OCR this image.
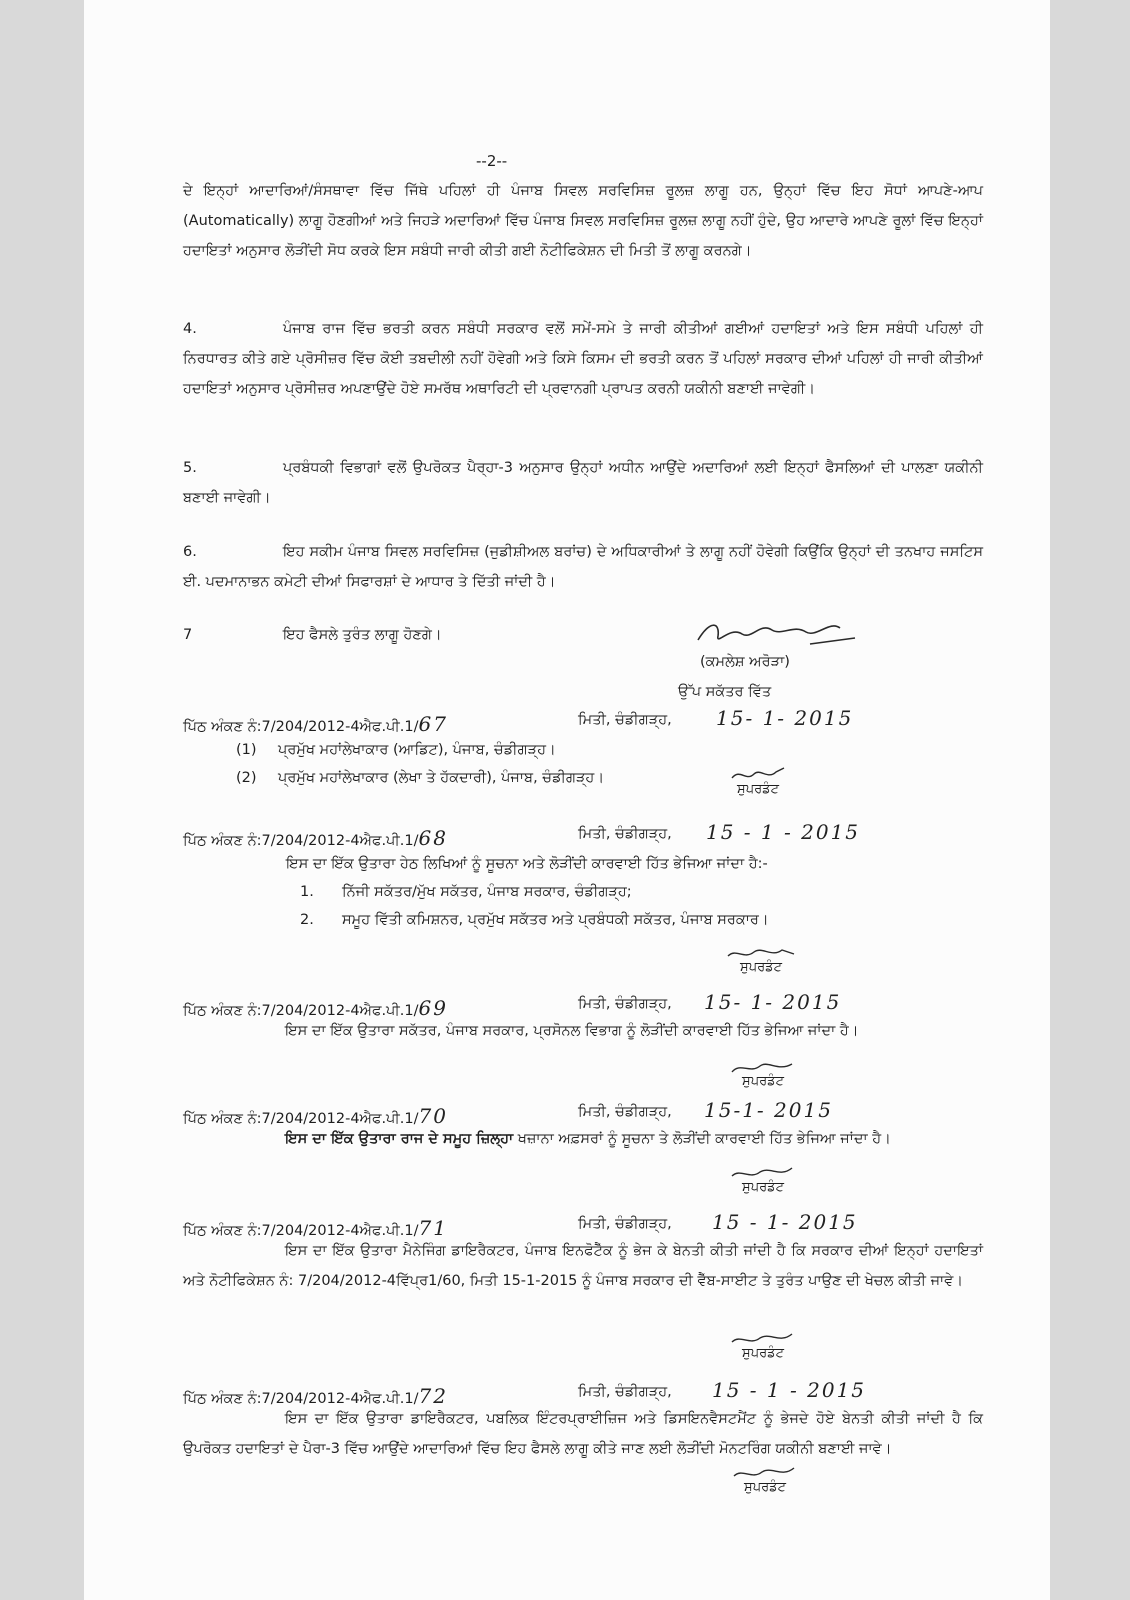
--2--

ਦੇ ਇਨ੍ਹਾਂ ਆਦਾਰਿਆਂ/ਸੰਸਥਾਵਾ ਵਿੱਚ ਜਿੱਥੇ ਪਹਿਲਾਂ ਹੀ ਪੰਜਾਬ ਸਿਵਲ ਸਰਵਿਸਿਜ਼ ਰੂਲਜ਼ ਲਾਗੂ ਹਨ, ਉਨ੍ਹਾਂ ਵਿੱਚ ਇਹ ਸੋਧਾਂ ਆਪਣੇ-ਆਪ (Automatically) ਲਾਗੂ ਹੋਣਗੀਆਂ ਅਤੇ ਜਿਹੜੇ ਅਦਾਰਿਆਂ ਵਿੱਚ ਪੰਜਾਬ ਸਿਵਲ ਸਰਵਿਸਿਜ਼ ਰੂਲਜ਼ ਲਾਗੂ ਨਹੀਂ ਹੁੰਦੇ, ਉਹ ਆਦਾਰੇ ਆਪਣੇ ਰੂਲਾਂ ਵਿੱਚ ਇਨ੍ਹਾਂ ਹਦਾਇਤਾਂ ਅਨੁਸਾਰ ਲੋੜੀਂਦੀ ਸੋਧ ਕਰਕੇ ਇਸ ਸਬੰਧੀ ਜਾਰੀ ਕੀਤੀ ਗਈ ਨੋਟੀਫਿਕੇਸ਼ਨ ਦੀ ਮਿਤੀ ਤੋਂ ਲਾਗੂ ਕਰਨਗੇ।

4.	ਪੰਜਾਬ ਰਾਜ ਵਿੱਚ ਭਰਤੀ ਕਰਨ ਸਬੰਧੀ ਸਰਕਾਰ ਵਲੋਂ ਸਮੇਂ-ਸਮੇ ਤੇ ਜਾਰੀ ਕੀਤੀਆਂ ਗਈਆਂ ਹਦਾਇਤਾਂ ਅਤੇ ਇਸ ਸਬੰਧੀ ਪਹਿਲਾਂ ਹੀ ਨਿਰਧਾਰਤ ਕੀਤੇ ਗਏ ਪ੍ਰੋਸੀਜ਼ਰ ਵਿੱਚ ਕੋਈ ਤਬਦੀਲੀ ਨਹੀਂ ਹੋਵੇਗੀ ਅਤੇ ਕਿਸੇ ਕਿਸਮ ਦੀ ਭਰਤੀ ਕਰਨ ਤੋਂ ਪਹਿਲਾਂ ਸਰਕਾਰ ਦੀਆਂ ਪਹਿਲਾਂ ਹੀ ਜਾਰੀ ਕੀਤੀਆਂ ਹਦਾਇਤਾਂ ਅਨੁਸਾਰ ਪ੍ਰੋਸੀਜ਼ਰ ਅਪਣਾਉਂਦੇ ਹੋਏ ਸਮਰੱਥ ਅਥਾਰਿਟੀ ਦੀ ਪ੍ਰਵਾਨਗੀ ਪ੍ਰਾਪਤ ਕਰਨੀ ਯਕੀਨੀ ਬਣਾਈ ਜਾਵੇਗੀ।

5.	ਪ੍ਰਬੰਧਕੀ ਵਿਭਾਗਾਂ ਵਲੋਂ ਉਪਰੋਕਤ ਪੈਰ੍ਹਾ-3 ਅਨੁਸਾਰ ਉਨ੍ਹਾਂ ਅਧੀਨ ਆਉਂਦੇ ਅਦਾਰਿਆਂ ਲਈ ਇਨ੍ਹਾਂ ਫੈਸਲਿਆਂ ਦੀ ਪਾਲਣਾ ਯਕੀਨੀ ਬਣਾਈ ਜਾਵੇਗੀ।

6.	ਇਹ ਸਕੀਮ ਪੰਜਾਬ ਸਿਵਲ ਸਰਵਿਸਿਜ਼ (ਜੁਡੀਸ਼ੀਅਲ ਬਰਾਂਚ) ਦੇ ਅਧਿਕਾਰੀਆਂ ਤੇ ਲਾਗੂ ਨਹੀਂ ਹੋਵੇਗੀ ਕਿਉਂਕਿ ਉਨ੍ਹਾਂ ਦੀ ਤਨਖਾਹ ਜਸਟਿਸ ਈ. ਪਦਮਾਨਾਭਨ ਕਮੇਟੀ ਦੀਆਂ ਸਿਫਾਰਸ਼ਾਂ ਦੇ ਆਧਾਰ ਤੇ ਦਿੱਤੀ ਜਾਂਦੀ ਹੈ।

7	ਇਹ ਫੈਸਲੇ ਤੁਰੰਤ ਲਾਗੂ ਹੋਣਗੇ।

(ਕਮਲੇਸ਼ ਅਰੋੜਾ)
ਉੱਪ ਸਕੱਤਰ ਵਿੱਤ
ਪਿੱਠ ਅੰਕਣ ਨੰ:7/204/2012-4ਐਫ.ਪੀ.1/67	ਮਿਤੀ, ਚੰਡੀਗੜ੍ਹ, 15- 1- 2015
(1) ਪ੍ਰਮੁੱਖ ਮਹਾਂਲੇਖਾਕਾਰ (ਆਡਿਟ), ਪੰਜਾਬ, ਚੰਡੀਗੜ੍ਹ।
(2) ਪ੍ਰਮੁੱਖ ਮਹਾਂਲੇਖਾਕਾਰ (ਲੇਖਾ ਤੇ ਹੱਕਦਾਰੀ), ਪੰਜਾਬ, ਚੰਡੀਗੜ੍ਹ।
ਸੁਪਰਡੰਟ
ਪਿੱਠ ਅੰਕਣ ਨੰ:7/204/2012-4ਐਫ.ਪੀ.1/68	ਮਿਤੀ, ਚੰਡੀਗੜ੍ਹ, 15 - 1 - 2015
ਇਸ ਦਾ ਇੱਕ ਉਤਾਰਾ ਹੇਠ ਲਿਖਿਆਂ ਨੂੰ ਸੂਚਨਾ ਅਤੇ ਲੋੜੀਂਦੀ ਕਾਰਵਾਈ ਹਿੱਤ ਭੇਜਿਆ ਜਾਂਦਾ ਹੈ:-
1. ਨਿੱਜੀ ਸਕੱਤਰ/ਮੁੱਖ ਸਕੱਤਰ, ਪੰਜਾਬ ਸਰਕਾਰ, ਚੰਡੀਗੜ੍ਹ;
2. ਸਮੂਹ ਵਿੱਤੀ ਕਮਿਸ਼ਨਰ, ਪ੍ਰਮੁੱਖ ਸਕੱਤਰ ਅਤੇ ਪ੍ਰਬੰਧਕੀ ਸਕੱਤਰ, ਪੰਜਾਬ ਸਰਕਾਰ।
ਸੁਪਰਡੰਟ
ਪਿੱਠ ਅੰਕਣ ਨੰ:7/204/2012-4ਐਫ.ਪੀ.1/69	ਮਿਤੀ, ਚੰਡੀਗੜ੍ਹ, 15- 1- 2015

ਇਸ ਦਾ ਇੱਕ ਉਤਾਰਾ ਸਕੱਤਰ, ਪੰਜਾਬ ਸਰਕਾਰ, ਪ੍ਰਸੋਨਲ ਵਿਭਾਗ ਨੂੰ ਲੋੜੀਂਦੀ ਕਾਰਵਾਈ ਹਿੱਤ ਭੇਜਿਆ ਜਾਂਦਾ ਹੈ।

ਸੁਪਰਡੰਟ
ਪਿੱਠ ਅੰਕਣ ਨੰ:7/204/2012-4ਐਫ.ਪੀ.1/70	ਮਿਤੀ, ਚੰਡੀਗੜ੍ਹ, 15-1- 2015

ਇਸ ਦਾ ਇੱਕ ਉਤਾਰਾ ਰਾਜ ਦੇ ਸਮੂਹ ਜ਼ਿਲ੍ਹਾ ਖਜ਼ਾਨਾ ਅਫ਼ਸਰਾਂ ਨੂੰ ਸੂਚਨਾ ਤੇ ਲੋੜੀਂਦੀ ਕਾਰਵਾਈ ਹਿੱਤ ਭੇਜਿਆ ਜਾਂਦਾ ਹੈ।

ਸੁਪਰਡੰਟ
ਪਿੱਠ ਅੰਕਣ ਨੰ:7/204/2012-4ਐਫ.ਪੀ.1/71	ਮਿਤੀ, ਚੰਡੀਗੜ੍ਹ, 15 - 1- 2015

ਇਸ ਦਾ ਇੱਕ ਉਤਾਰਾ ਮੈਨੇਜਿੰਗ ਡਾਇਰੈਕਟਰ, ਪੰਜਾਬ ਇਨਫੋਟੈੱਕ ਨੂੰ ਭੇਜ ਕੇ ਬੇਨਤੀ ਕੀਤੀ ਜਾਂਦੀ ਹੈ ਕਿ ਸਰਕਾਰ ਦੀਆਂ ਇਨ੍ਹਾਂ ਹਦਾਇਤਾਂ ਅਤੇ ਨੋਟੀਫਿਕੇਸ਼ਨ ਨੰ: 7/204/2012-4ਵਿੱਪ੍ਰ1/60, ਮਿਤੀ 15-1-2015 ਨੂੰ ਪੰਜਾਬ ਸਰਕਾਰ ਦੀ ਵੈੱਬ-ਸਾਈਟ ਤੇ ਤੁਰੰਤ ਪਾਉਣ ਦੀ ਖੇਚਲ ਕੀਤੀ ਜਾਵੇ।

ਸੁਪਰਡੰਟ
ਪਿੱਠ ਅੰਕਣ ਨੰ:7/204/2012-4ਐਫ.ਪੀ.1/72	ਮਿਤੀ, ਚੰਡੀਗੜ੍ਹ, 15 - 1 - 2015

ਇਸ ਦਾ ਇੱਕ ਉਤਾਰਾ ਡਾਇਰੈਕਟਰ, ਪਬਲਿਕ ਇੰਟਰਪ੍ਰਾਈਜ਼ਿਜ ਅਤੇ ਡਿਸਇਨਵੈਸਟਮੈਂਟ ਨੂੰ ਭੇਜਦੇ ਹੋਏ ਬੇਨਤੀ ਕੀਤੀ ਜਾਂਦੀ ਹੈ ਕਿ ਉਪਰੋਕਤ ਹਦਾਇਤਾਂ ਦੇ ਪੈਰਾ-3 ਵਿੱਚ ਆਉਂਦੇ ਆਦਾਰਿਆਂ ਵਿੱਚ ਇਹ ਫੈਸਲੇ ਲਾਗੂ ਕੀਤੇ ਜਾਣ ਲਈ ਲੋੜੀਂਦੀ ਮੋਨਟਰਿੰਗ ਯਕੀਨੀ ਬਣਾਈ ਜਾਵੇ।

ਸੁਪਰਡੰਟ
